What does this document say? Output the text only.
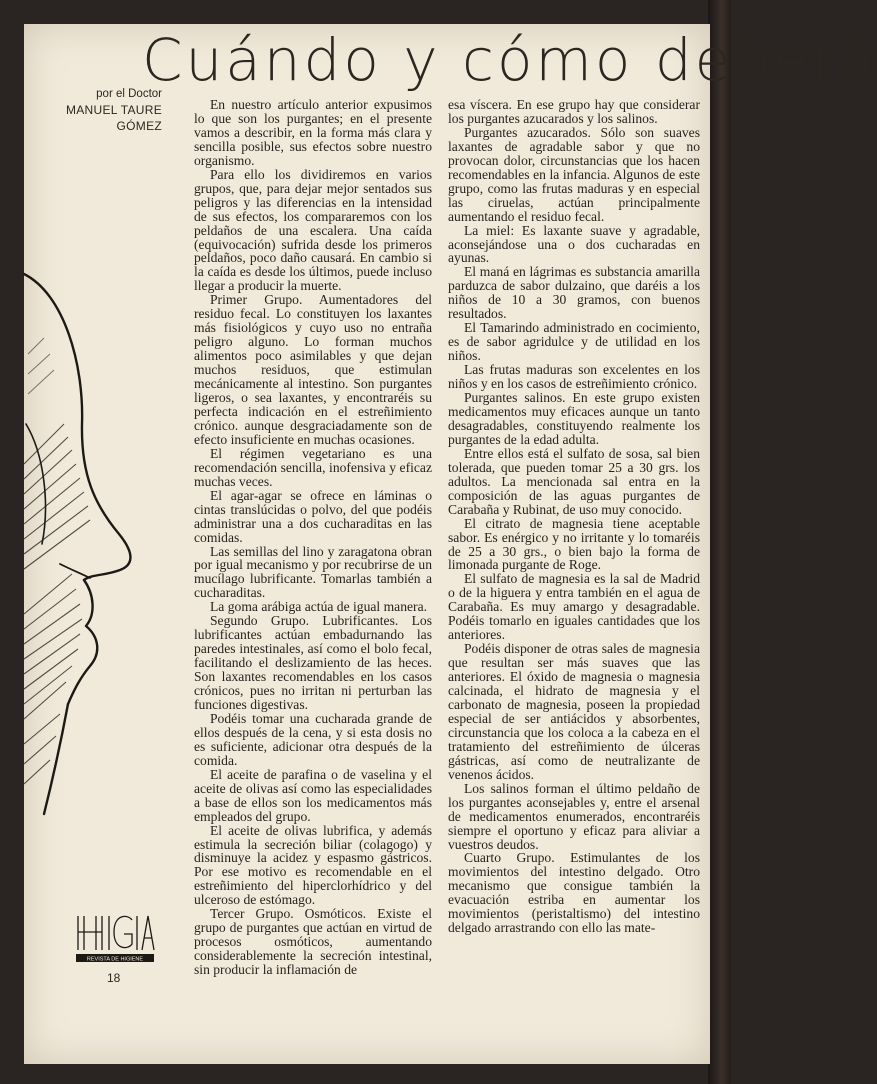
Cuándo y cómo deberá
por el Doctor
MANUEL TAURE
GÓMEZ
REVISTA DE HIGIENE
18

En nuestro artículo anterior expusimos lo que son los purgantes; en el presente vamos a describir, en la forma más clara y sencilla posible, sus efectos sobre nuestro organismo.

Para ello los dividiremos en varios grupos, que, para dejar mejor sentados sus peligros y las diferencias en la intensidad de sus efectos, los compararemos con los peldaños de una escalera. Una caída (equivocación) sufrida desde los primeros peldaños, poco daño causará. En cambio si la caída es desde los últimos, puede incluso llegar a producir la muerte.

Primer Grupo. Aumentadores del residuo fecal. Lo constituyen los laxantes más fisiológicos y cuyo uso no entraña peligro alguno. Lo forman muchos alimentos poco asimilables y que dejan muchos residuos, que estimulan mecánicamente al intestino. Son purgantes ligeros, o sea laxantes, y encontraréis su perfecta indicación en el estreñimiento crónico. aunque desgraciadamente son de efecto insuficiente en muchas ocasiones.

El régimen vegetariano es una recomendación sencilla, inofensiva y eficaz muchas veces.

El agar-agar se ofrece en láminas o cintas translúcidas o polvo, del que podéis administrar una a dos cucharaditas en las comidas.

Las semillas del lino y zaragatona obran por igual mecanismo y por recubrirse de un mucílago lubrificante. Tomarlas también a cucharaditas.

La goma arábiga actúa de igual manera.

Segundo Grupo. Lubrificantes. Los lubrificantes actúan embadurnando las paredes intestinales, así como el bolo fecal, facilitando el deslizamiento de las heces. Son laxantes recomendables en los casos crónicos, pues no irritan ni perturban las funciones digestivas.

Podéis tomar una cucharada grande de ellos después de la cena, y si esta dosis no es suficiente, adicionar otra después de la comida.

El aceite de parafina o de vaselina y el aceite de olivas así como las especialidades a base de ellos son los medicamentos más empleados del grupo.

El aceite de olivas lubrifica, y además estimula la secreción biliar (colagogo) y disminuye la acidez y espasmo gástricos. Por ese motivo es recomendable en el estreñimiento del hiperclorhídrico y del ulceroso de estómago.

Tercer Grupo. Osmóticos. Existe el grupo de purgantes que actúan en virtud de procesos osmóticos, aumentando considerablemente la secreción intestinal, sin producir la inflamación de

esa víscera. En ese grupo hay que considerar los purgantes azucarados y los salinos.

Purgantes azucarados. Sólo son suaves laxantes de agradable sabor y que no provocan dolor, circunstancias que los hacen recomendables en la infancia. Algunos de este grupo, como las frutas maduras y en especial las ciruelas, actúan principalmente aumentando el residuo fecal.

La miel: Es laxante suave y agradable, aconsejándose una o dos cucharadas en ayunas.

El maná en lágrimas es substancia amarilla parduzca de sabor dulzaino, que daréis a los niños de 10 a 30 gramos, con buenos resultados.

El Tamarindo administrado en cocimiento, es de sabor agridulce y de utilidad en los niños.

Las frutas maduras son excelentes en los niños y en los casos de estreñimiento crónico.

Purgantes salinos. En este grupo existen medicamentos muy eficaces aunque un tanto desagradables, constituyendo realmente los purgantes de la edad adulta.

Entre ellos está el sulfato de sosa, sal bien tolerada, que pueden tomar 25 a 30 grs. los adultos. La mencionada sal entra en la composición de las aguas purgantes de Carabaña y Rubinat, de uso muy conocido.

El citrato de magnesia tiene aceptable sabor. Es enérgico y no irritante y lo tomaréis de 25 a 30 grs., o bien bajo la forma de limonada purgante de Roge.

El sulfato de magnesia es la sal de Madrid o de la higuera y entra también en el agua de Carabaña. Es muy amargo y desagradable. Podéis tomarlo en iguales cantidades que los anteriores.

Podéis disponer de otras sales de magnesia que resultan ser más suaves que las anteriores. El óxido de magnesia o magnesia calcinada, el hidrato de magnesia y el carbonato de magnesia, poseen la propiedad especial de ser antiácidos y absorbentes, circunstancia que los coloca a la cabeza en el tratamiento del estreñimiento de úlceras gástricas, así como de neutralizante de venenos ácidos.

Los salinos forman el último peldaño de los purgantes aconsejables y, entre el arsenal de medicamentos enumerados, encontraréis siempre el oportuno y eficaz para aliviar a vuestros deudos.

Cuarto Grupo. Estimulantes de los movimientos del intestino delgado. Otro mecanismo que consigue también la evacuación estriba en aumentar los movimientos (peristaltismo) del intestino delgado arrastrando con ello las mate-
